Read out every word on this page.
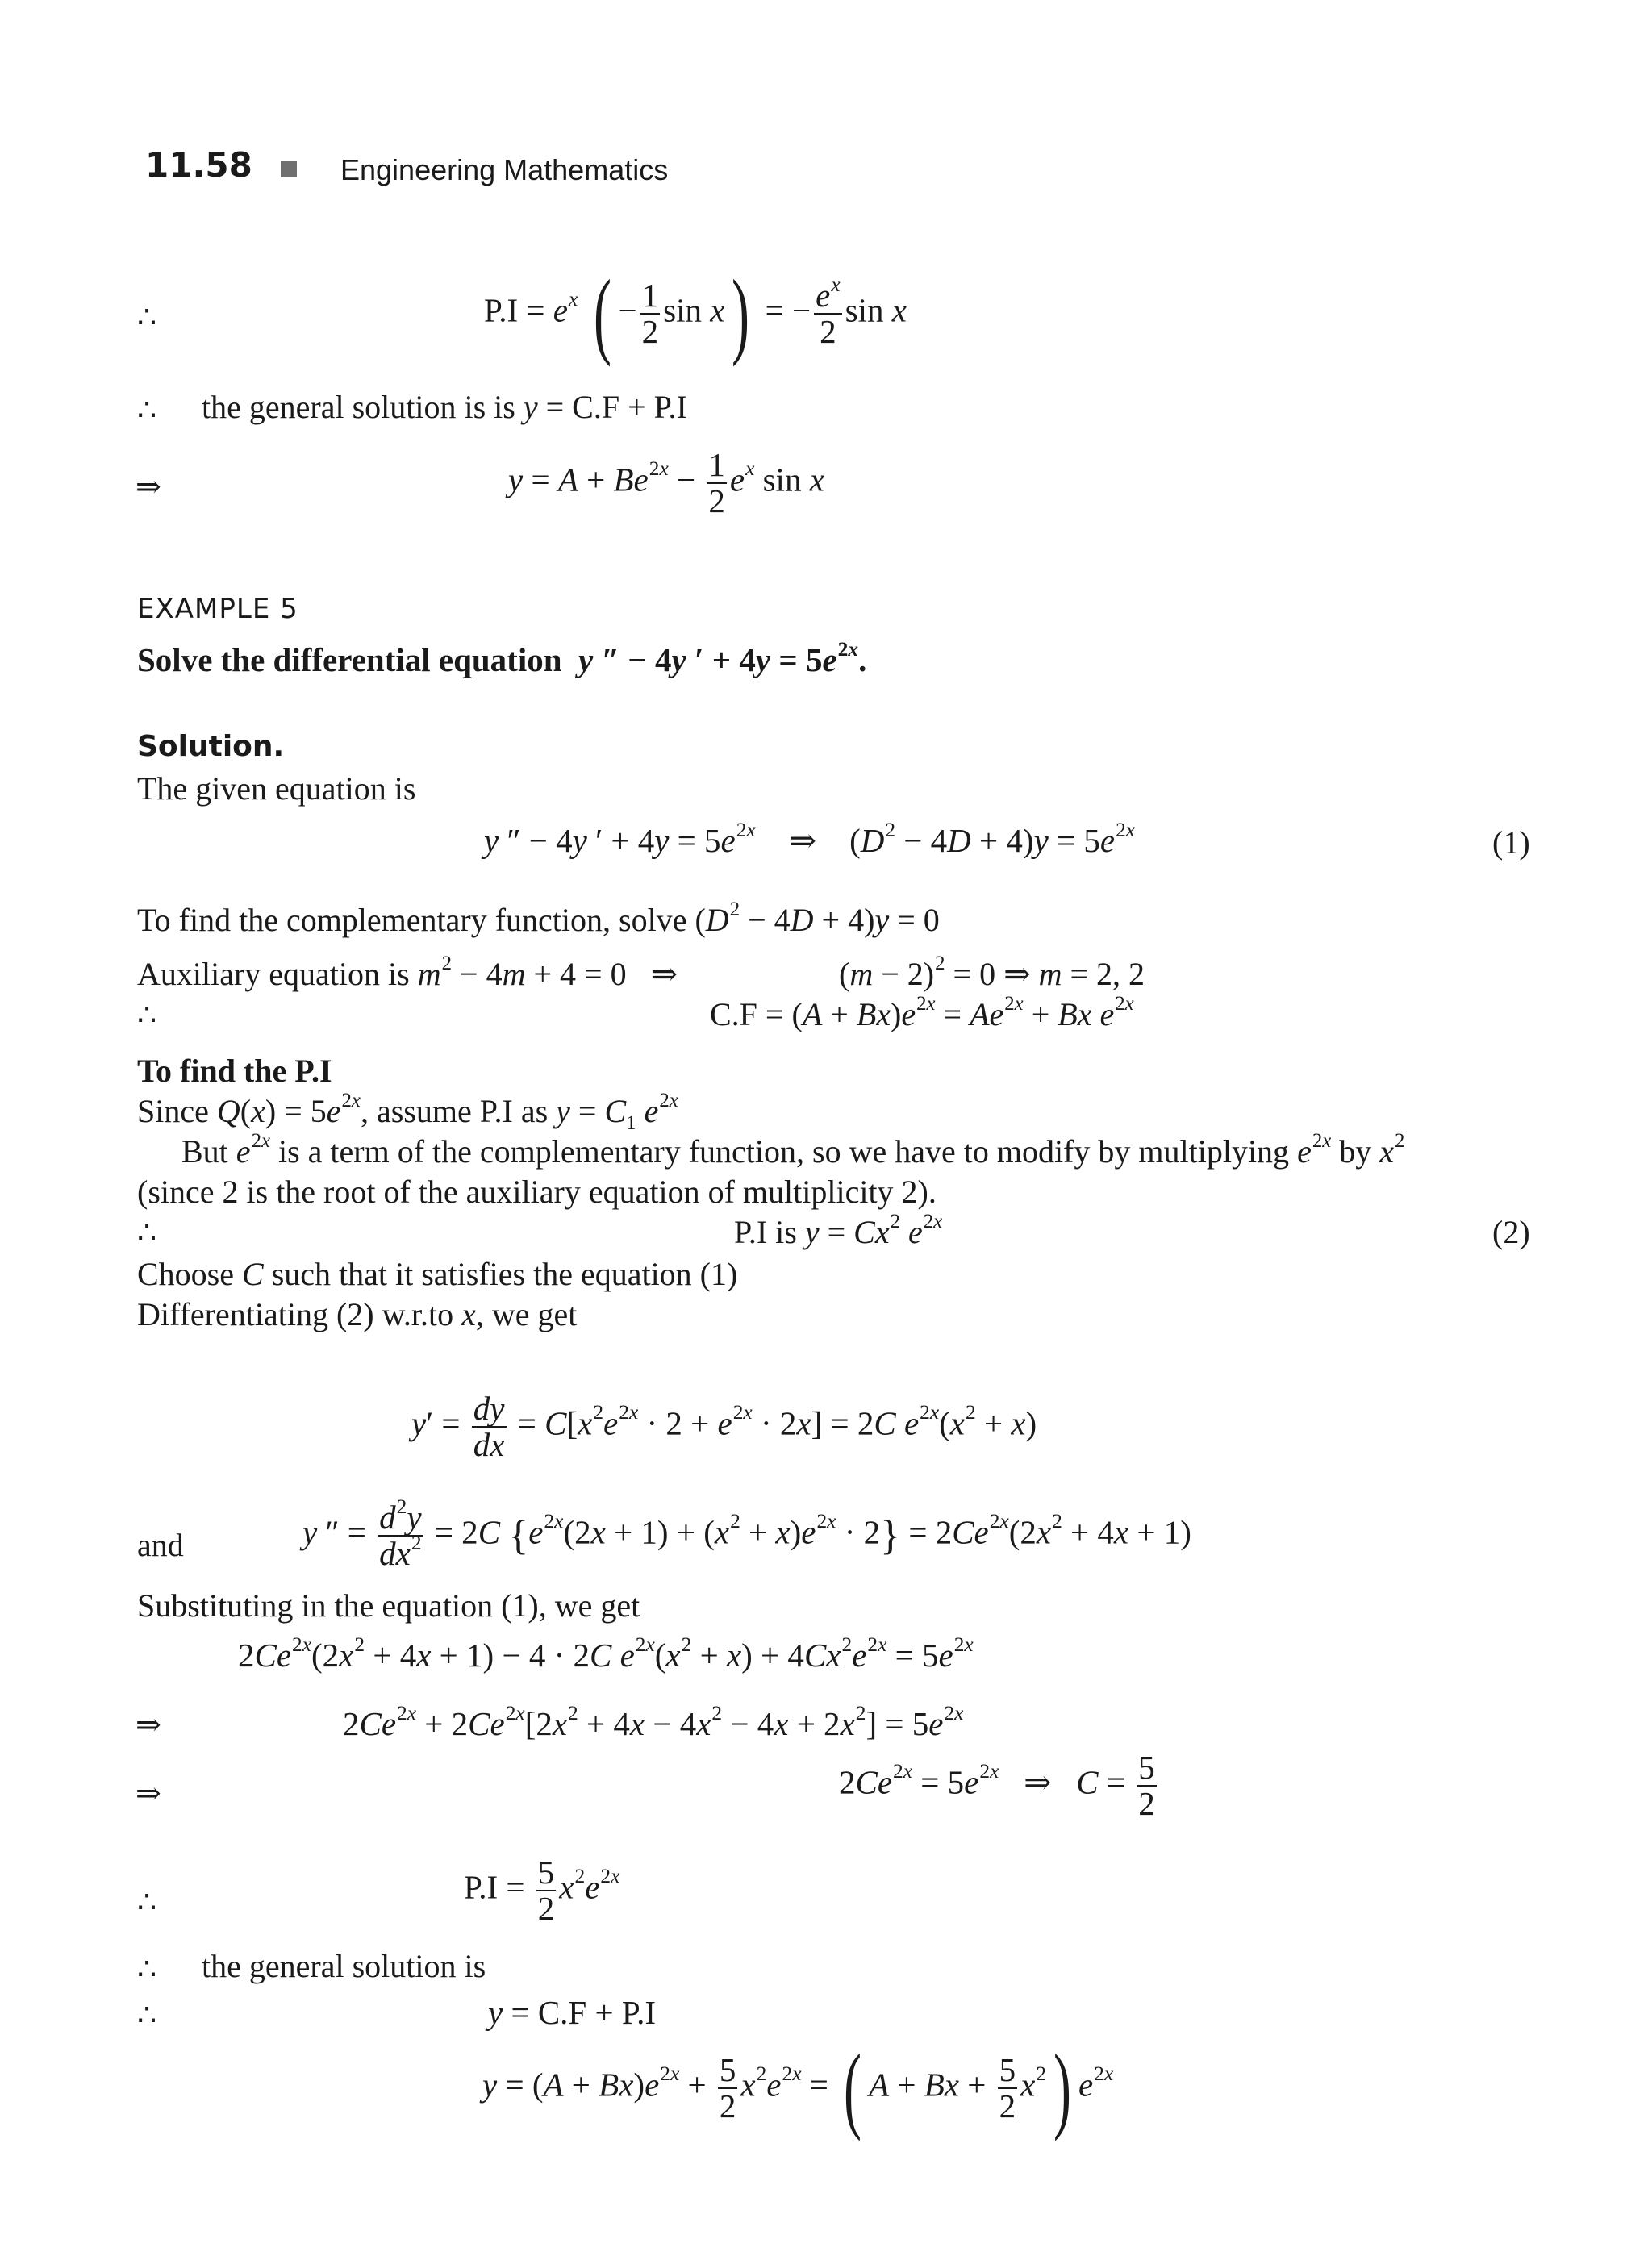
11.58	Engineering Mathematics
∴	$P.I = e^x$ ( − $\frac{1}{2}$ sin x) = − $\frac{e^x}{2}$ sin x
∴ the general solution is is y = C.F + P.I
⇒	$y = A + Be^{2x} - \frac{1}{2} e^x$ sin x
EXAMPLE 5
Solve the differential equation y ″ − 4y ′ + $4y = 5e^{2x}$.
Solution.
The given equation is
y ″ − 4y ′ + $4y = 5e^{2x}$    ⇒    $(D^2 - 4D + 4)y = 5e^{2x}$	(1)
To find the complementary function, solve $(D^2 - 4D + 4)y = 0$
Auxiliary equation is $m^2 - 4m + 4 = 0$   ⇒	$(m - 2)^2 = 0$ ⇒ m = 2, 2
∴	$C.F = (A + Bx)e^{2x} = Ae^{2x} + Bx$ $e^{2x}$
To find the P.I
Since $Q(x) = 5e^{2x}$, assume P.I as $y = C_1$ $e^{2x}$
But $e^{2x}$ is a term of the complementary function, so we have to modify by multiplying $e^{2x}$ by $x^2$
(since 2 is the root of the auxiliary equation of multiplicity 2).
∴	P.I is $y = Cx^2$ $e^{2x}$	(2)
Choose C such that it satisfies the equation (1)
Differentiating (2) w.r.to x, we get
$y' = \frac{dy}{dx} = C[x^2e^{2x} \cdot 2 + e^{2x} \cdot 2x] = 2C$ $e^{2x}(x^2 + x)$
and	y ″ = $\frac{d^2y}{dx^2} = 2C$ $\{e^{2x}(2x + 1) + (x^2 + x)e^{2x} \cdot 2\} = 2Ce^{2x}(2x^2 + 4x + 1)$
Substituting in the equation (1), we get
$2Ce^{2x}(2x^2 + 4x + 1) - 4 \cdot 2C$ $e^{2x}(x^2 + x) + 4Cx^2e^{2x} = 5e^{2x}$
⇒	$2Ce^{2x} + 2Ce^{2x}[2x^2 + 4x - 4x^2 - 4x + 2x^2] = 5e^{2x}$
⇒	$2Ce^{2x} = 5e^{2x}$   ⇒   $C = \frac{5}{2}$
∴	$P.I = \frac{5}{2} x^2e^{2x}$
∴ the general solution is
∴	y = C.F + P.I
$y = (A + Bx)e^{2x} + \frac{5}{2} x^2e^{2x}$ = ( $A + Bx + \frac{5}{2} x^2$) $e^{2x}$
